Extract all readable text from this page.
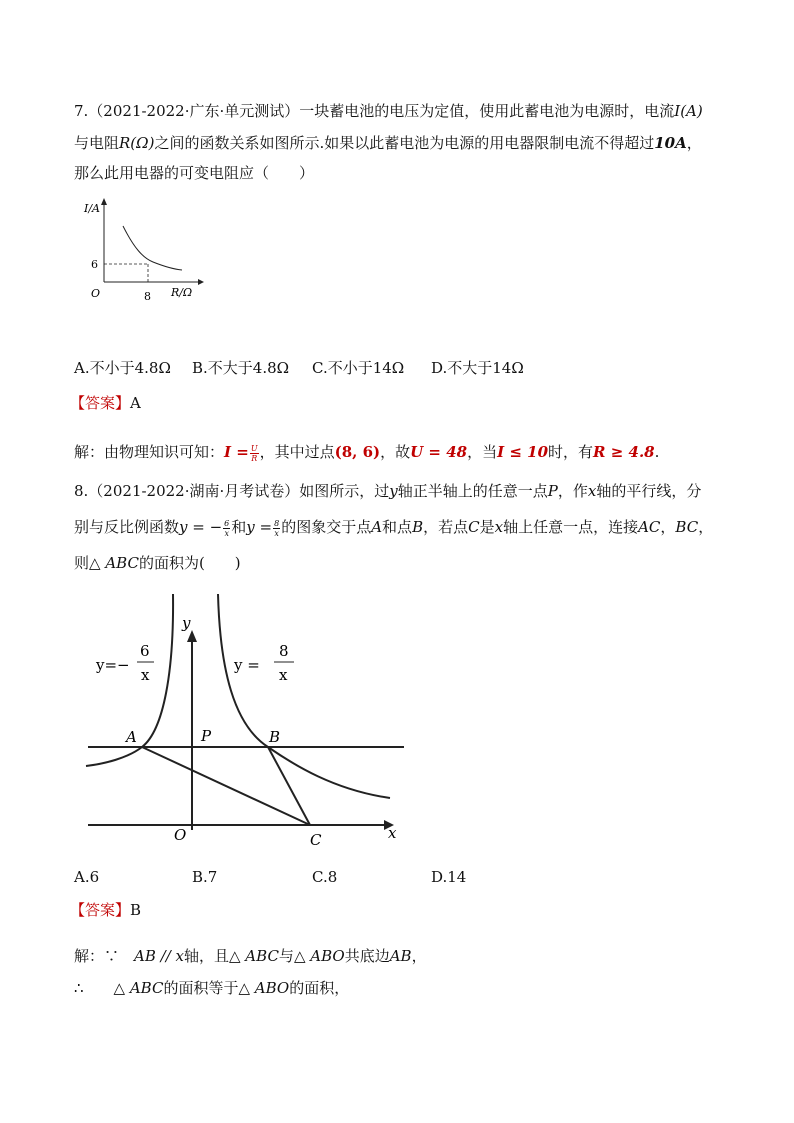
7.（2021-2022·广东·单元测试）一块蓄电池的电压为定值，使用此蓄电池为电源时，电流I(A)
与电阻R(Ω)之间的函数关系如图所示.如果以此蓄电池为电源的用电器限制电流不得超过10A，
那么此用电器的可变电阻应（　　）
I/A
6
O	8 R/Ω
A.不小于4.8Ω B.不大于4.8Ω C.不小于14Ω D.不大于14Ω
【答案】A
解：由物理知识可知：$I = \frac{U}{R}$ ，其中过点(8, 6)，故U = 48，当I ≤ 10时，有R ≥ 4.8.
8.（2021-2022·湖南·月考试卷）如图所示，过y轴正半轴上的任意一点P，作x轴的平行线，分
别与反比例函数y = − $\frac{6}{x}$ 和$y = \frac{8}{x}$ 的图象交于点A和点B，若点C是x轴上任意一点，连接AC，BC，
则△ ABC的面积为(　　)
y=−
6
x
y =
8
x
y
x
O
A	P	B
C
A.6	B.7	C.8	D.14
【答案】B
解：∵　AB // x轴，且△ ABC与△ ABO共底边AB，
∴　　△ ABC的面积等于△ ABO的面积，
